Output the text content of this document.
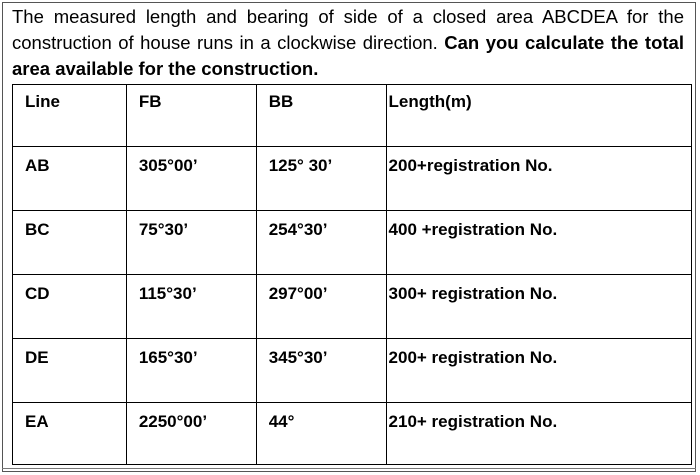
The measured length and bearing of side of a closed area ABCDEA for the construction of house runs in a clockwise direction. Can you calculate the total area available for the construction.
Line	FB	BB	Length(m)
AB	305°00’	125° 30’	200+registration No.
BC	75°30’	254°30’	400 +registration No.
CD	115°30’	297°00’	300+ registration No.
DE	165°30’	345°30’	200+ registration No.
EA	2250°00’	44°	210+ registration No.
